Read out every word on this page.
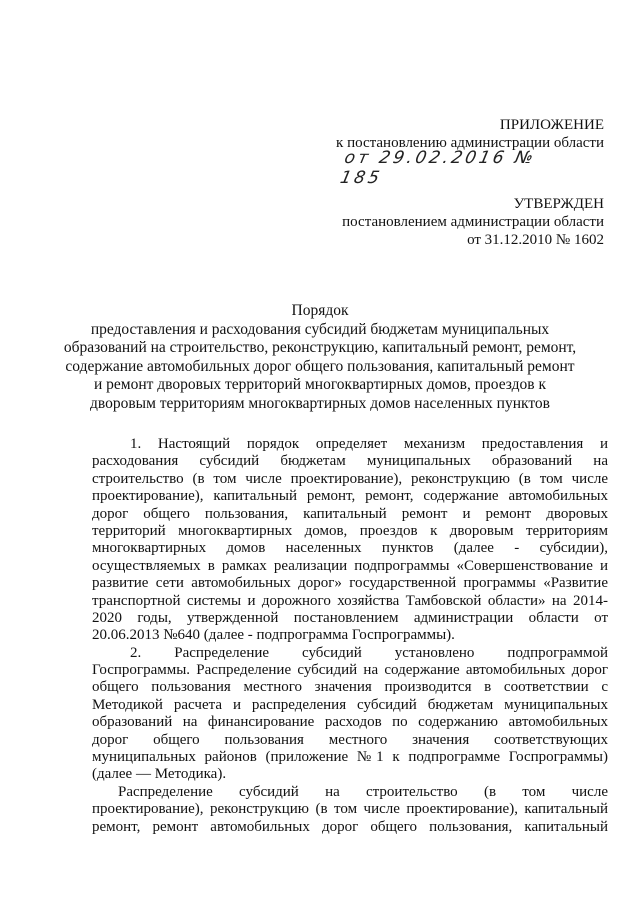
ПРИЛОЖЕНИЕ
к постановлению администрации области
от 29.02.2016 № 185
УТВЕРЖДЕН
постановлением администрации области
от 31.12.2010 № 1602
Порядок
предоставления и расходования субсидий бюджетам муниципальных
образований на строительство, реконструкцию, капитальный ремонт, ремонт,
содержание автомобильных дорог общего пользования, капитальный ремонт
и ремонт дворовых территорий многоквартирных домов, проездов к
дворовым территориям многоквартирных домов населенных пунктов
1. Настоящий порядок определяет механизм предоставления и
расходования субсидий бюджетам муниципальных образований на
строительство (в том числе проектирование), реконструкцию (в том числе
проектирование), капитальный ремонт, ремонт, содержание автомобильных
дорог общего пользования, капитальный ремонт и ремонт дворовых
территорий многоквартирных домов, проездов к дворовым территориям
многоквартирных домов населенных пунктов (далее - субсидии),
осуществляемых в рамках реализации подпрограммы «Совершенствование и
развитие сети автомобильных дорог» государственной программы «Развитие
транспортной системы и дорожного хозяйства Тамбовской области» на 2014-
2020 годы, утвержденной постановлением администрации области от
20.06.2013 №640 (далее - подпрограмма Госпрограммы).
2. Распределение субсидий установлено подпрограммой
Госпрограммы. Распределение субсидий на содержание автомобильных дорог
общего пользования местного значения производится в соответствии с
Методикой расчета и распределения субсидий бюджетам муниципальных
образований на финансирование расходов по содержанию автомобильных
дорог общего пользования местного значения соответствующих
муниципальных районов (приложение №1 к подпрограмме Госпрограммы)
(далее — Методика).
Распределение субсидий на строительство (в том числе
проектирование), реконструкцию (в том числе проектирование), капитальный
ремонт, ремонт автомобильных дорог общего пользования, капитальный
